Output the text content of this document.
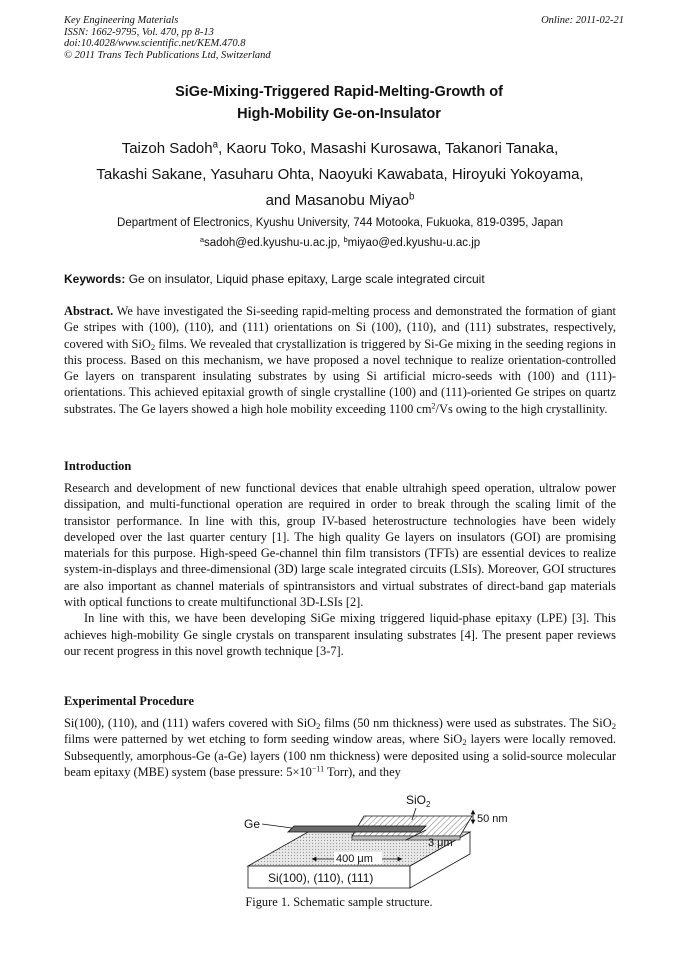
Key Engineering Materials
ISSN: 1662-9795, Vol. 470, pp 8-13
doi:10.4028/www.scientific.net/KEM.470.8
© 2011 Trans Tech Publications Ltd, Switzerland
Online: 2011-02-21
SiGe-Mixing-Triggered Rapid-Melting-Growth of
High-Mobility Ge-on-Insulator
Taizoh Sadoh$^a$, Kaoru Toko, Masashi Kurosawa, Takanori Tanaka,
Takashi Sakane, Yasuharu Ohta, Naoyuki Kawabata, Hiroyuki Yokoyama,
and Masanobu Miyao$^b$
Department of Electronics, Kyushu University, 744 Motooka, Fukuoka, 819-0395, Japan
$^a$sadoh@ed.kyushu-u.ac.jp, $^b$miyao@ed.kyushu-u.ac.jp
Keywords: Ge on insulator, Liquid phase epitaxy, Large scale integrated circuit
Abstract. We have investigated the Si-seeding rapid-melting process and demonstrated the formation of giant Ge stripes with (100), (110), and (111) orientations on Si (100), (110), and (111) substrates, respectively, covered with SiO$_2$ films. We revealed that crystallization is triggered by Si-Ge mixing in the seeding regions in this process. Based on this mechanism, we have proposed a novel technique to realize orientation-controlled Ge layers on transparent insulating substrates by using Si artificial micro-seeds with (100) and (111)-orientations. This achieved epitaxial growth of single crystalline (100) and (111)-oriented Ge stripes on quartz substrates. The Ge layers showed a high hole mobility exceeding 1100 $cm^2/Vs$ owing to the high crystallinity.
Introduction

Research and development of new functional devices that enable ultrahigh speed operation, ultralow power dissipation, and multi-functional operation are required in order to break through the scaling limit of the transistor performance. In line with this, group IV-based heterostructure technologies have been widely developed over the last quarter century [1]. The high quality Ge layers on insulators (GOI) are promising materials for this purpose. High-speed Ge-channel thin film transistors (TFTs) are essential devices to realize system-in-displays and three-dimensional (3D) large scale integrated circuits (LSIs). Moreover, GOI structures are also important as channel materials of spintransistors and virtual substrates of direct-band gap materials with optical functions to create multifunctional 3D-LSIs [2].

In line with this, we have been developing SiGe mixing triggered liquid-phase epitaxy (LPE) [3]. This achieves high-mobility Ge single crystals on transparent insulating substrates [4]. The present paper reviews our recent progress in this novel growth technique [3-7].

Experimental Procedure
Si(100), (110), and (111) wafers covered with SiO$_2$ films (50 nm thickness) were used as substrates. The SiO$_2$ films were patterned by wet etching to form seeding window areas, where SiO$_2$ layers were locally removed. Subsequently, amorphous-Ge (a-Ge) layers (100 nm thickness) were deposited using a solid-source molecular beam epitaxy (MBE) system (base pressure: $5\times 10^{-11}$ Torr), and they
400 μm
3 μm
50 nm
SiO$_2$
Ge
Si(100), (110), (111)
Figure 1. Schematic sample structure.
